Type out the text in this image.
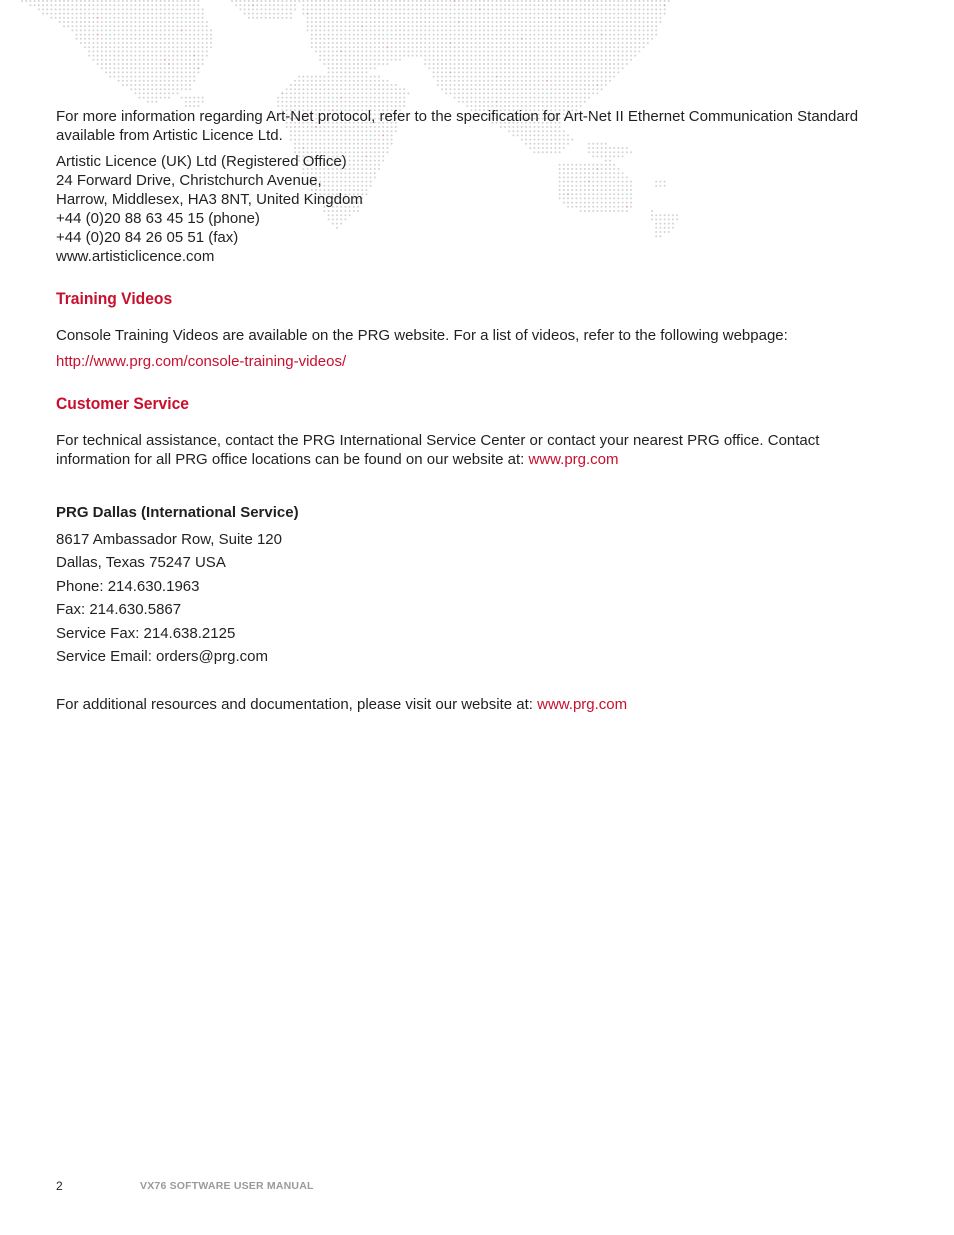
For more information regarding Art-Net protocol, refer to the specification for Art-Net II Ethernet Communication Standard available from Artistic Licence Ltd.

Artistic Licence (UK) Ltd (Registered Office)
24 Forward Drive, Christchurch Avenue,
Harrow, Middlesex, HA3 8NT, United Kingdom
+44 (0)20 88 63 45 15 (phone)
+44 (0)20 84 26 05 51 (fax)
www.artisticlicence.com
Training Videos

Console Training Videos are available on the PRG website. For a list of videos, refer to the following webpage:

http://www.prg.com/console-training-videos/

Customer Service

For technical assistance, contact the PRG International Service Center or contact your nearest PRG office. Contact information for all PRG office locations can be found on our website at: www.prg.com

PRG Dallas (International Service)

8617 Ambassador Row, Suite 120
Dallas, Texas 75247 USA
Phone: 214.630.1963
Fax: 214.630.5867
Service Fax: 214.638.2125
Service Email: orders@prg.com

For additional resources and documentation, please visit our website at: www.prg.com

2	VX76 SOFTWARE USER MANUAL
